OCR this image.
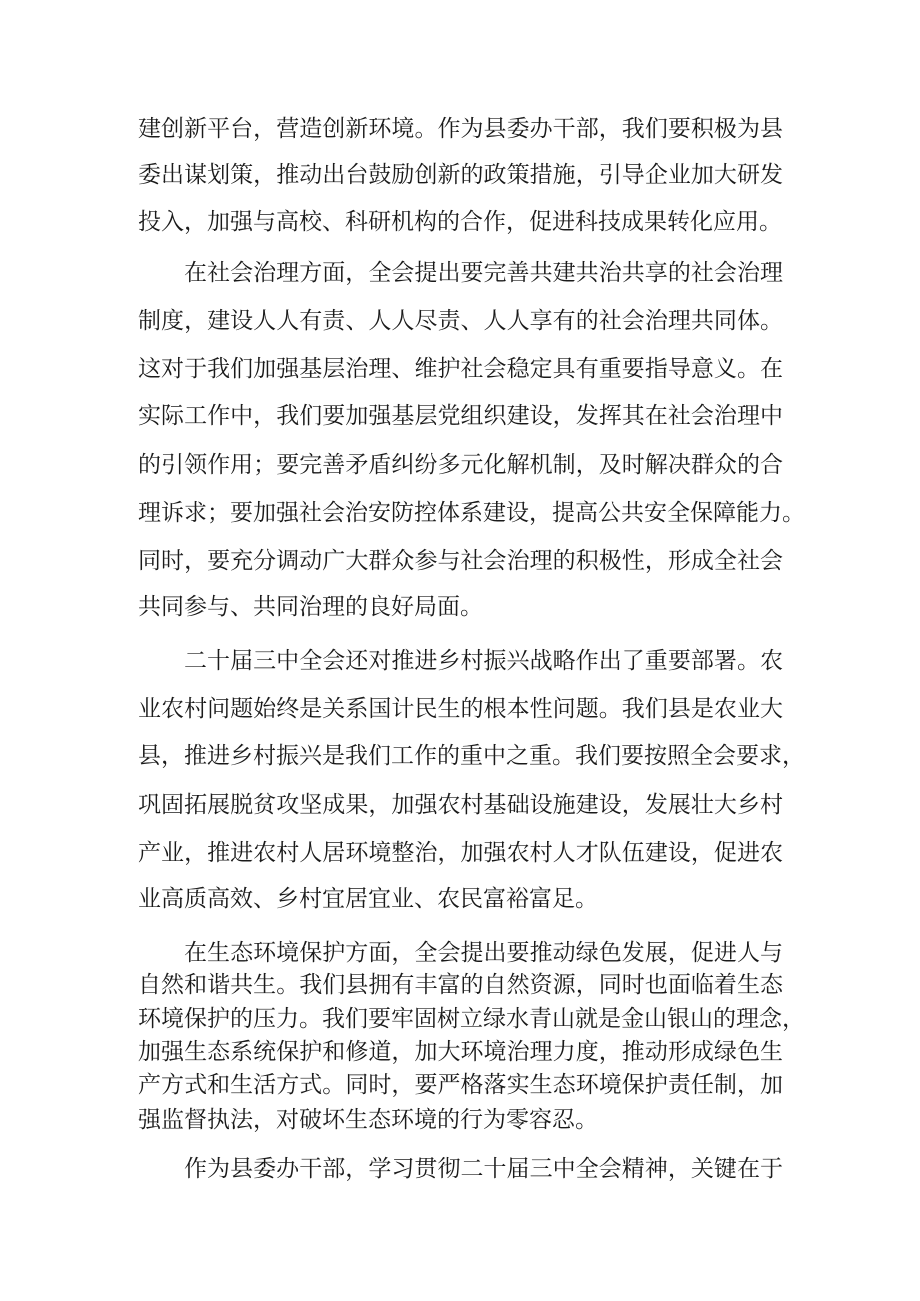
建创新平台，营造创新环境。作为县委办干部，我们要积极为县
委出谋划策，推动出台鼓励创新的政策措施，引导企业加大研发
投入，加强与高校、科研机构的合作，促进科技成果转化应用。
在社会治理方面，全会提出要完善共建共治共享的社会治理
制度，建设人人有责、人人尽责、人人享有的社会治理共同体。
这对于我们加强基层治理、维护社会稳定具有重要指导意义。在
实际工作中，我们要加强基层党组织建设，发挥其在社会治理中
的引领作用；要完善矛盾纠纷多元化解机制，及时解决群众的合
理诉求；要加强社会治安防控体系建设，提高公共安全保障能力。
同时，要充分调动广大群众参与社会治理的积极性，形成全社会
共同参与、共同治理的良好局面。
二十届三中全会还对推进乡村振兴战略作出了重要部署。农
业农村问题始终是关系国计民生的根本性问题。我们县是农业大
县，推进乡村振兴是我们工作的重中之重。我们要按照全会要求，
巩固拓展脱贫攻坚成果，加强农村基础设施建设，发展壮大乡村
产业，推进农村人居环境整治，加强农村人才队伍建设，促进农
业高质高效、乡村宜居宜业、农民富裕富足。
在生态环境保护方面，全会提出要推动绿色发展，促进人与
自然和谐共生。我们县拥有丰富的自然资源，同时也面临着生态
环境保护的压力。我们要牢固树立绿水青山就是金山银山的理念，
加强生态系统保护和修道，加大环境治理力度，推动形成绿色生
产方式和生活方式。同时，要严格落实生态环境保护责任制，加
强监督执法，对破坏生态环境的行为零容忍。
作为县委办干部，学习贯彻二十届三中全会精神，关键在于
